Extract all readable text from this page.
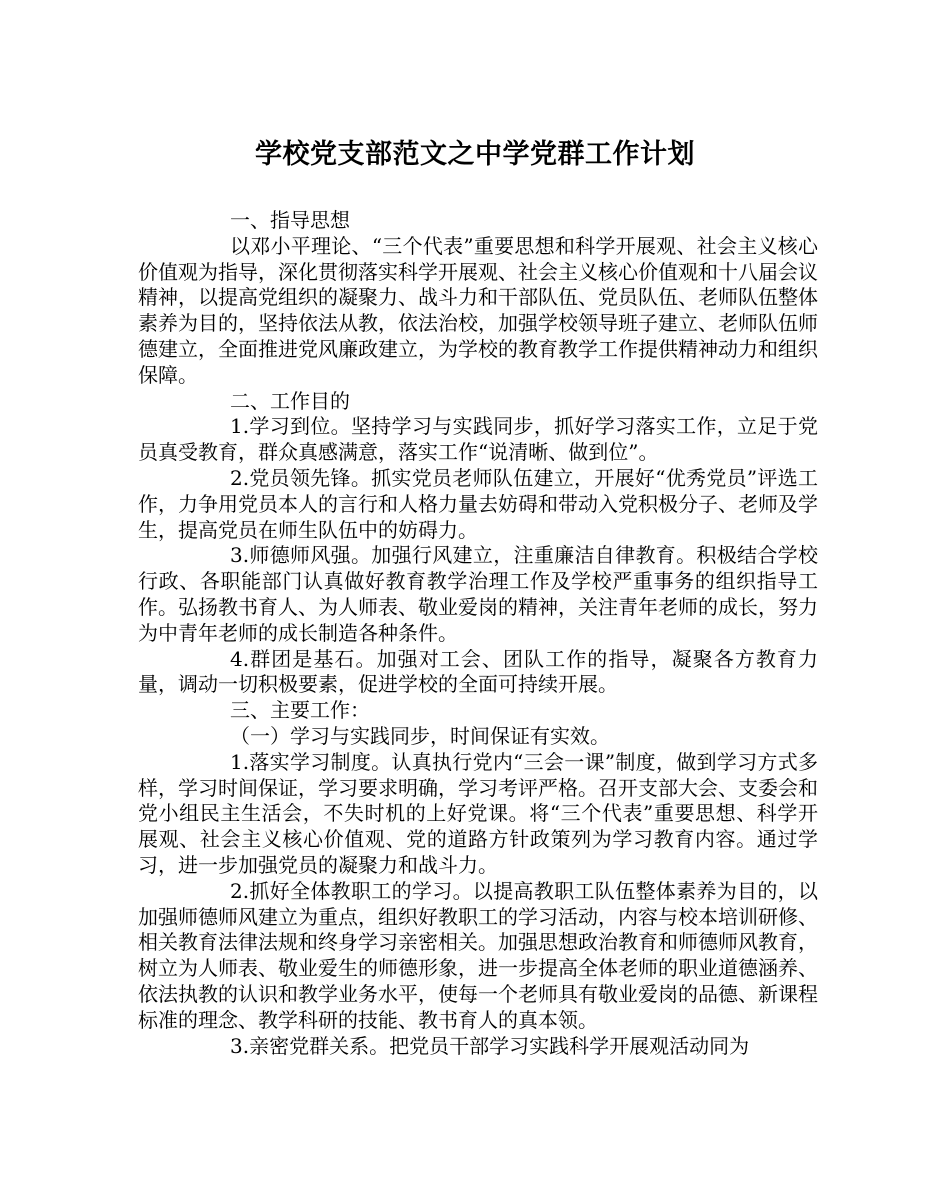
学校党支部范文之中学党群工作计划

一、指导思想

以邓小平理论、“三个代表”重要思想和科学开展观、社会主义核心价值观为指导，深化贯彻落实科学开展观、社会主义核心价值观和十八届会议精神，以提高党组织的凝聚力、战斗力和干部队伍、党员队伍、老师队伍整体素养为目的，坚持依法从教，依法治校，加强学校领导班子建立、老师队伍师德建立，全面推进党风廉政建立，为学校的教育教学工作提供精神动力和组织保障。

二、工作目的

1.学习到位。坚持学习与实践同步，抓好学习落实工作，立足于党员真受教育，群众真感满意，落实工作“说清晰、做到位”。

2.党员领先锋。抓实党员老师队伍建立，开展好“优秀党员”评选工作，力争用党员本人的言行和人格力量去妨碍和带动入党积极分子、老师及学生，提高党员在师生队伍中的妨碍力。

3.师德师风强。加强行风建立，注重廉洁自律教育。积极结合学校行政、各职能部门认真做好教育教学治理工作及学校严重事务的组织指导工作。弘扬教书育人、为人师表、敬业爱岗的精神，关注青年老师的成长，努力为中青年老师的成长制造各种条件。

4.群团是基石。加强对工会、团队工作的指导，凝聚各方教育力量，调动一切积极要素，促进学校的全面可持续开展。

三、主要工作：

（一）学习与实践同步，时间保证有实效。

1.落实学习制度。认真执行党内“三会一课”制度，做到学习方式多样，学习时间保证，学习要求明确，学习考评严格。召开支部大会、支委会和党小组民主生活会，不失时机的上好党课。将“三个代表”重要思想、科学开展观、社会主义核心价值观、党的道路方针政策列为学习教育内容。通过学习，进一步加强党员的凝聚力和战斗力。

2.抓好全体教职工的学习。以提高教职工队伍整体素养为目的，以加强师德师风建立为重点，组织好教职工的学习活动，内容与校本培训研修、相关教育法律法规和终身学习亲密相关。加强思想政治教育和师德师风教育，树立为人师表、敬业爱生的师德形象，进一步提高全体老师的职业道德涵养、依法执教的认识和教学业务水平，使每一个老师具有敬业爱岗的品德、新课程标准的理念、教学科研的技能、教书育人的真本领。

3.亲密党群关系。把党员干部学习实践科学开展观活动同为
